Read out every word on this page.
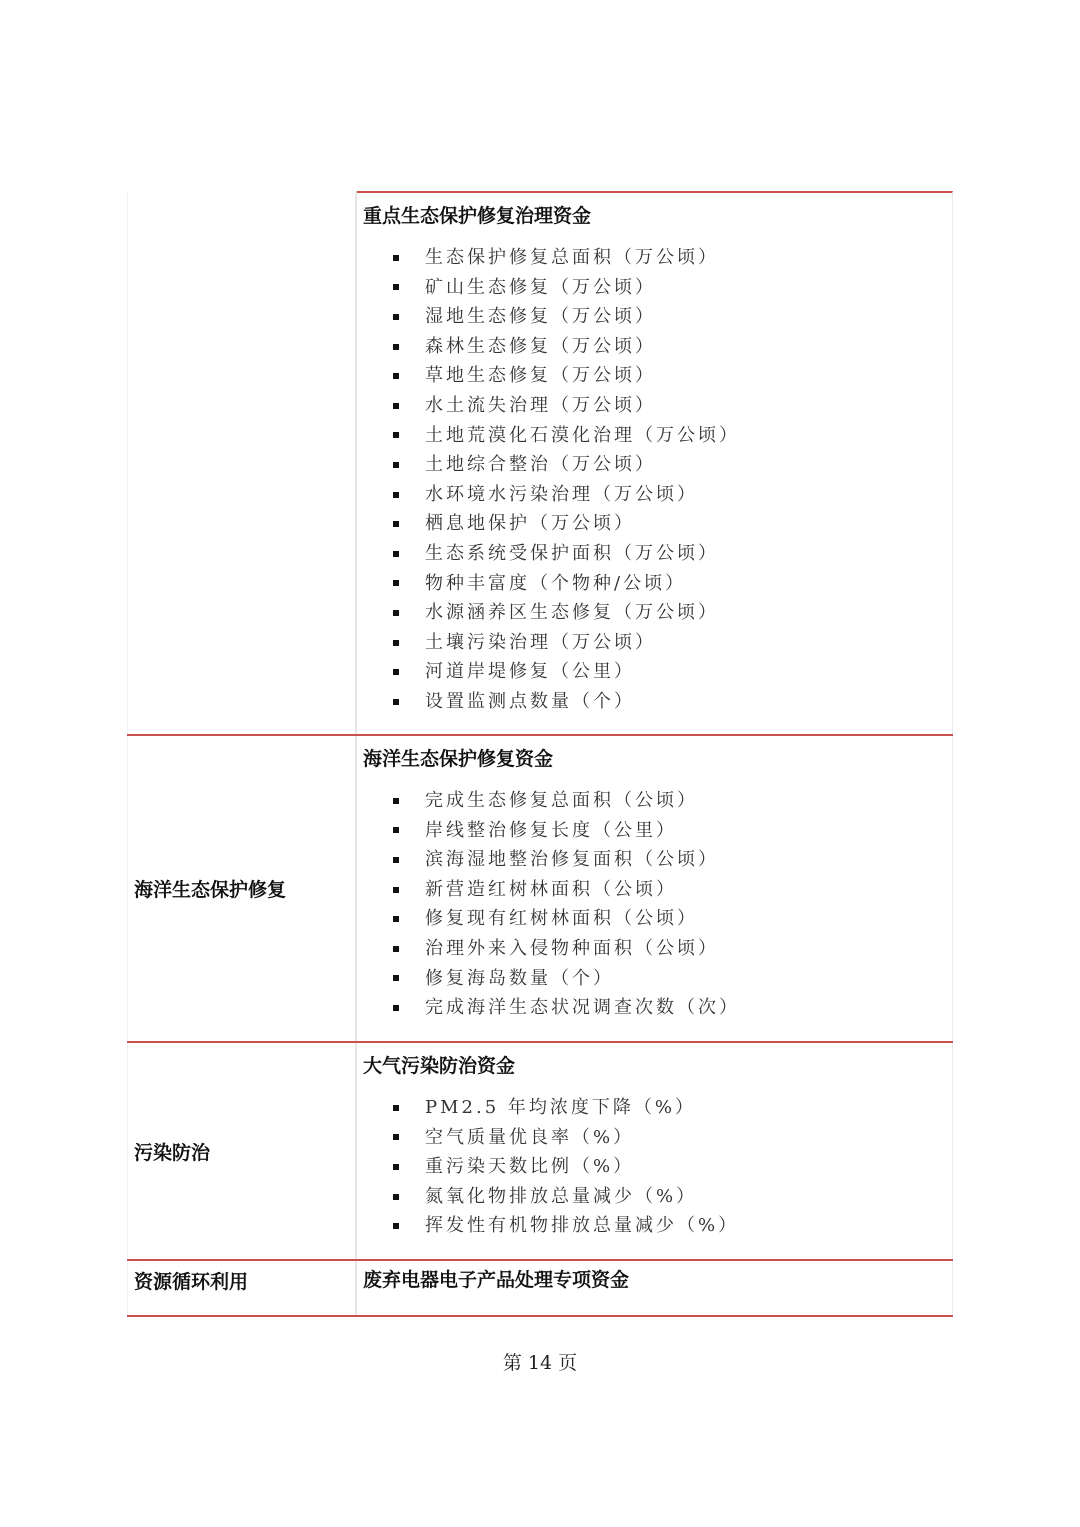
重点生态保护修复治理资金
生态保护修复总面积（万公顷）
矿山生态修复（万公顷）
湿地生态修复（万公顷）
森林生态修复（万公顷）
草地生态修复（万公顷）
水土流失治理（万公顷）
土地荒漠化石漠化治理（万公顷）
土地综合整治（万公顷）
水环境水污染治理（万公顷）
栖息地保护（万公顷）
生态系统受保护面积（万公顷）
物种丰富度（个物种/公顷）
水源涵养区生态修复（万公顷）
土壤污染治理（万公顷）
河道岸堤修复（公里）
设置监测点数量（个）
海洋生态保护修复
海洋生态保护修复资金
完成生态修复总面积（公顷）
岸线整治修复长度（公里）
滨海湿地整治修复面积（公顷）
新营造红树林面积（公顷）
修复现有红树林面积（公顷）
治理外来入侵物种面积（公顷）
修复海岛数量（个）
完成海洋生态状况调查次数（次）
污染防治
大气污染防治资金
PM2.5 年均浓度下降（%）
空气质量优良率（%）
重污染天数比例（%）
氮氧化物排放总量减少（%）
挥发性有机物排放总量减少（%）
资源循环利用	废弃电器电子产品处理专项资金
第 14 页
